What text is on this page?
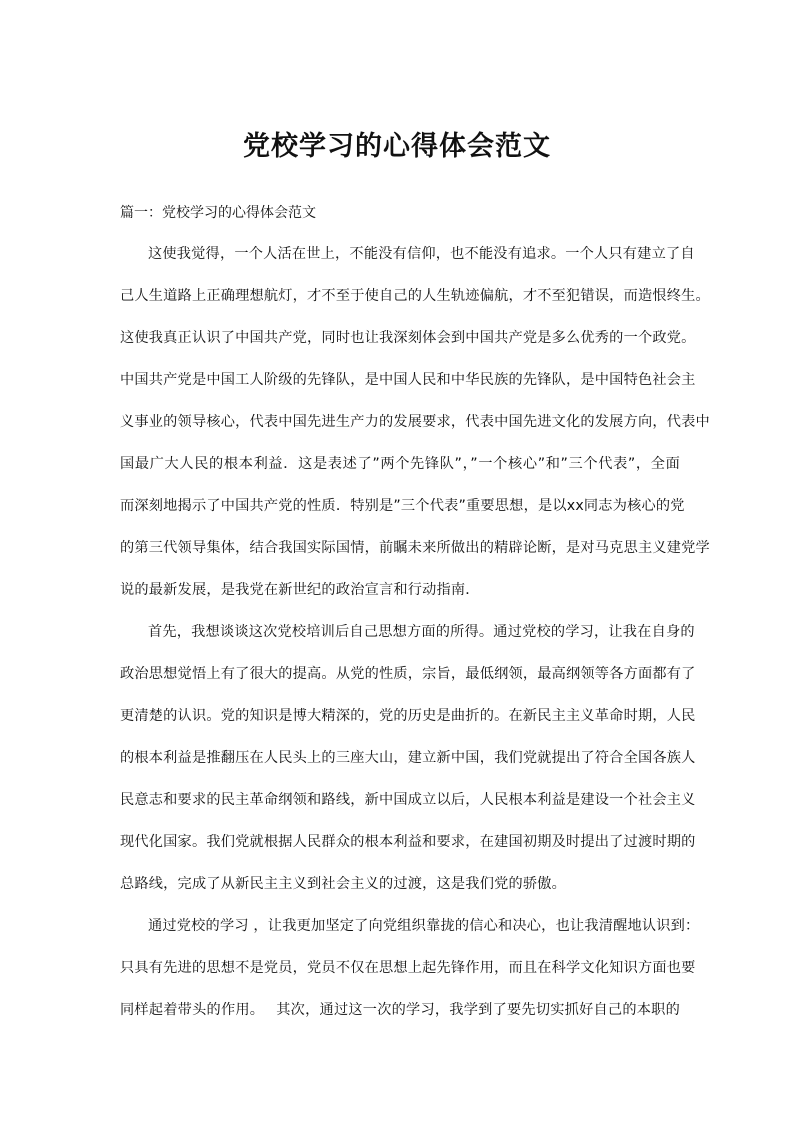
党校学习的心得体会范文
篇一：党校学习的心得体会范文
这使我觉得，一个人活在世上，不能没有信仰，也不能没有追求。一个人只有建立了自
己人生道路上正确理想航灯，才不至于使自己的人生轨迹偏航，才不至犯错误，而造恨终生。
这使我真正认识了中国共产党，同时也让我深刻体会到中国共产党是多么优秀的一个政党。
中国共产党是中国工人阶级的先锋队，是中国人民和中华民族的先锋队，是中国特色社会主
义事业的领导核心，代表中国先进生产力的发展要求，代表中国先进文化的发展方向，代表中
国最广大人民的根本利益．这是表述了”两个先锋队”，”一个核心”和”三个代表”，全面
而深刻地揭示了中国共产党的性质．特别是”三个代表”重要思想，是以xx同志为核心的党
的第三代领导集体，结合我国实际国情，前瞩未来所做出的精辟论断，是对马克思主义建党学
说的最新发展，是我党在新世纪的政治宣言和行动指南．
首先，我想谈谈这次党校培训后自己思想方面的所得。通过党校的学习，让我在自身的
政治思想觉悟上有了很大的提高。从党的性质，宗旨，最低纲领，最高纲领等各方面都有了
更清楚的认识。党的知识是博大精深的，党的历史是曲折的。在新民主主义革命时期，人民
的根本利益是推翻压在人民头上的三座大山，建立新中国，我们党就提出了符合全国各族人
民意志和要求的民主革命纲领和路线，新中国成立以后，人民根本利益是建设一个社会主义
现代化国家。我们党就根据人民群众的根本利益和要求，在建国初期及时提出了过渡时期的
总路线，完成了从新民主主义到社会主义的过渡，这是我们党的骄傲。
通过党校的学习 ，让我更加坚定了向党组织靠拢的信心和决心，也让我清醒地认识到：
只具有先进的思想不是党员，党员不仅在思想上起先锋作用，而且在科学文化知识方面也要
同样起着带头的作用。　 其次，通过这一次的学习，我学到了要先切实抓好自己的本职的
